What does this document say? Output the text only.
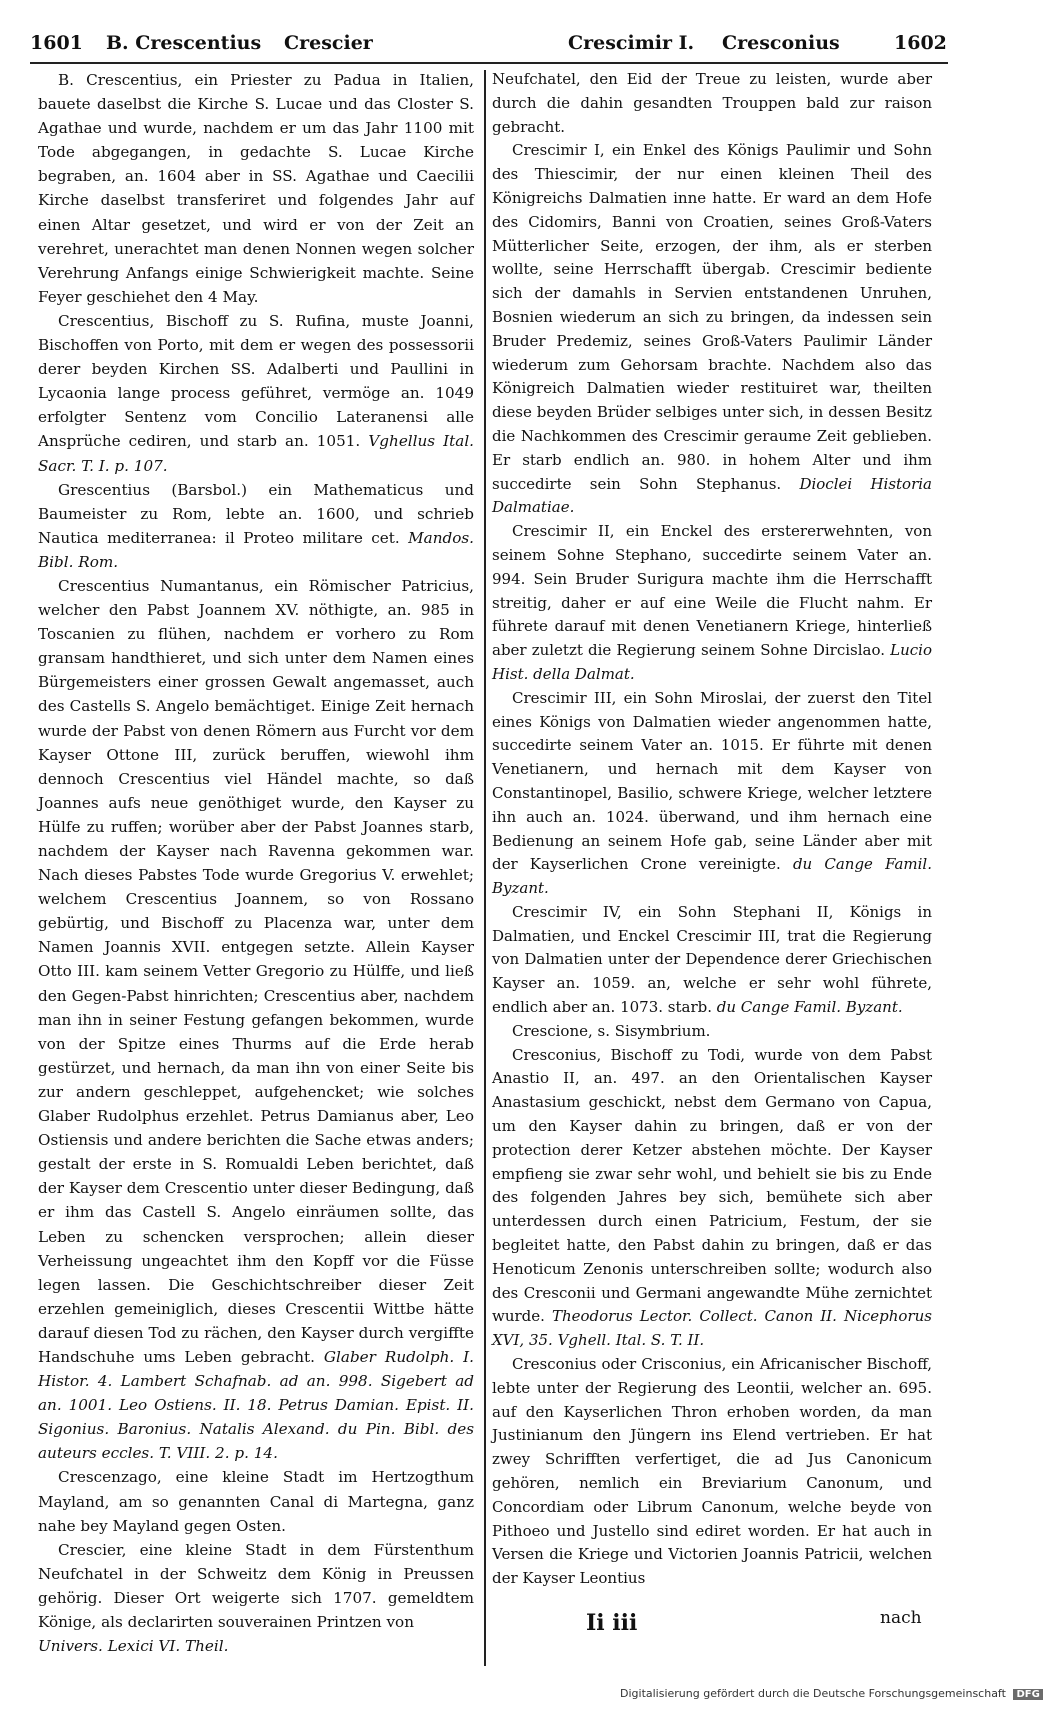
1601 B. Crescentius Crescier	Crescimir I. Cresconius	1602

B. Crescentius, ein Priester zu Padua in Italien, bauete daselbst die Kirche S. Lucae und das Closter S. Agathae und wurde, nachdem er um das Jahr 1100 mit Tode abgegangen, in gedachte S. Lucae Kirche begraben, an. 1604 aber in SS. Agathae und Caecilii Kirche daselbst transferiret und folgendes Jahr auf einen Altar gesetzet, und wird er von der Zeit an verehret, unerachtet man denen Nonnen wegen solcher Verehrung Anfangs einige Schwierigkeit machte. Seine Feyer geschiehet den 4 May.

Crescentius, Bischoff zu S. Rufina, muste Joanni, Bischoffen von Porto, mit dem er wegen des possessorii derer beyden Kirchen SS. Adalberti und Paullini in Lycaonia lange process geführet, vermöge an. 1049 erfolgter Sentenz vom Concilio Lateranensi alle Ansprüche cediren, und starb an. 1051. Vghellus Ital. Sacr. T. I. p. 107.

Grescentius (Barsbol.) ein Mathematicus und Baumeister zu Rom, lebte an. 1600, und schrieb Nautica mediterranea: il Proteo militare cet. Mandos. Bibl. Rom.

Crescentius Numantanus, ein Römischer Patricius, welcher den Pabst Joannem XV. nöthigte, an. 985 in Toscanien zu flühen, nachdem er vorhero zu Rom gransam handthieret, und sich unter dem Namen eines Bürgemeisters einer grossen Gewalt angemasset, auch des Castells S. Angelo bemächtiget. Einige Zeit hernach wurde der Pabst von denen Römern aus Furcht vor dem Kayser Ottone III, zurück beruffen, wiewohl ihm dennoch Crescentius viel Händel machte, so daß Joannes aufs neue genöthiget wurde, den Kayser zu Hülfe zu ruffen; worüber aber der Pabst Joannes starb, nachdem der Kayser nach Ravenna gekommen war. Nach dieses Pabstes Tode wurde Gregorius V. erwehlet; welchem Crescentius Joannem, so von Rossano gebürtig, und Bischoff zu Placenza war, unter dem Namen Joannis XVII. entgegen setzte. Allein Kayser Otto III. kam seinem Vetter Gregorio zu Hülffe, und ließ den Gegen-Pabst hinrichten; Crescentius aber, nachdem man ihn in seiner Festung gefangen bekommen, wurde von der Spitze eines Thurms auf die Erde herab gestürzet, und hernach, da man ihn von einer Seite bis zur andern geschleppet, aufgehencket; wie solches Glaber Rudolphus erzehlet. Petrus Damianus aber, Leo Ostiensis und andere berichten die Sache etwas anders; gestalt der erste in S. Romualdi Leben berichtet, daß der Kayser dem Crescentio unter dieser Bedingung, daß er ihm das Castell S. Angelo einräumen sollte, das Leben zu schencken versprochen; allein dieser Verheissung ungeachtet ihm den Kopff vor die Füsse legen lassen. Die Geschichtschreiber dieser Zeit erzehlen gemeiniglich, dieses Crescentii Wittbe hätte darauf diesen Tod zu rächen, den Kayser durch vergiffte Handschuhe ums Leben gebracht. Glaber Rudolph. I. Histor. 4. Lambert Schafnab. ad an. 998. Sigebert ad an. 1001. Leo Ostiens. II. 18. Petrus Damian. Epist. II. Sigonius. Baronius. Natalis Alexand. du Pin. Bibl. des auteurs eccles. T. VIII. 2. p. 14.

Crescenzago, eine kleine Stadt im Hertzogthum Mayland, am so genannten Canal di Martegna, ganz nahe bey Mayland gegen Osten.

Crescier, eine kleine Stadt in dem Fürstenthum Neufchatel in der Schweitz dem König in Preussen gehörig. Dieser Ort weigerte sich 1707. gemeldtem Könige, als declarirten souverainen Printzen von

Univers. Lexici VI. Theil.

Neufchatel, den Eid der Treue zu leisten, wurde aber durch die dahin gesandten Trouppen bald zur raison gebracht.

Crescimir I, ein Enkel des Königs Paulimir und Sohn des Thiescimir, der nur einen kleinen Theil des Königreichs Dalmatien inne hatte. Er ward an dem Hofe des Cidomirs, Banni von Croatien, seines Groß-Vaters Mütterlicher Seite, erzogen, der ihm, als er sterben wollte, seine Herrschafft übergab. Crescimir bediente sich der damahls in Servien entstandenen Unruhen, Bosnien wiederum an sich zu bringen, da indessen sein Bruder Predemiz, seines Groß-Vaters Paulimir Länder wiederum zum Gehorsam brachte. Nachdem also das Königreich Dalmatien wieder restituiret war, theilten diese beyden Brüder selbiges unter sich, in dessen Besitz die Nachkommen des Crescimir geraume Zeit geblieben. Er starb endlich an. 980. in hohem Alter und ihm succedirte sein Sohn Stephanus. Dioclei Historia Dalmatiae.

Crescimir II, ein Enckel des erstererwehnten, von seinem Sohne Stephano, succedirte seinem Vater an. 994. Sein Bruder Surigura machte ihm die Herrschafft streitig, daher er auf eine Weile die Flucht nahm. Er führete darauf mit denen Venetianern Kriege, hinterließ aber zuletzt die Regierung seinem Sohne Dircislao. Lucio Hist. della Dalmat.

Crescimir III, ein Sohn Miroslai, der zuerst den Titel eines Königs von Dalmatien wieder angenommen hatte, succedirte seinem Vater an. 1015. Er führte mit denen Venetianern, und hernach mit dem Kayser von Constantinopel, Basilio, schwere Kriege, welcher letztere ihn auch an. 1024. überwand, und ihm hernach eine Bedienung an seinem Hofe gab, seine Länder aber mit der Kayserlichen Crone vereinigte. du Cange Famil. Byzant.

Crescimir IV, ein Sohn Stephani II, Königs in Dalmatien, und Enckel Crescimir III, trat die Regierung von Dalmatien unter der Dependence derer Griechischen Kayser an. 1059. an, welche er sehr wohl führete, endlich aber an. 1073. starb. du Cange Famil. Byzant.

Crescione, s. Sisymbrium.

Cresconius, Bischoff zu Todi, wurde von dem Pabst Anastio II, an. 497. an den Orientalischen Kayser Anastasium geschickt, nebst dem Germano von Capua, um den Kayser dahin zu bringen, daß er von der protection derer Ketzer abstehen möchte. Der Kayser empfieng sie zwar sehr wohl, und behielt sie bis zu Ende des folgenden Jahres bey sich, bemühete sich aber unterdessen durch einen Patricium, Festum, der sie begleitet hatte, den Pabst dahin zu bringen, daß er das Henoticum Zenonis unterschreiben sollte; wodurch also des Cresconii und Germani angewandte Mühe zernichtet wurde. Theodorus Lector. Collect. Canon II. Nicephorus XVI, 35. Vghell. Ital. S. T. II.

Cresconius oder Crisconius, ein Africanischer Bischoff, lebte unter der Regierung des Leontii, welcher an. 695. auf den Kayserlichen Thron erhoben worden, da man Justinianum den Jüngern ins Elend vertrieben. Er hat zwey Schrifften verfertiget, die ad Jus Canonicum gehören, nemlich ein Breviarium Canonum, und Concordiam oder Librum Canonum, welche beyde von Pithoeo und Justello sind ediret worden. Er hat auch in Versen die Kriege und Victorien Joannis Patricii, welchen der Kayser Leontius

Ii iii	nach
Digitalisierung gefördert durch die Deutsche Forschungsgemeinschaft DFG
